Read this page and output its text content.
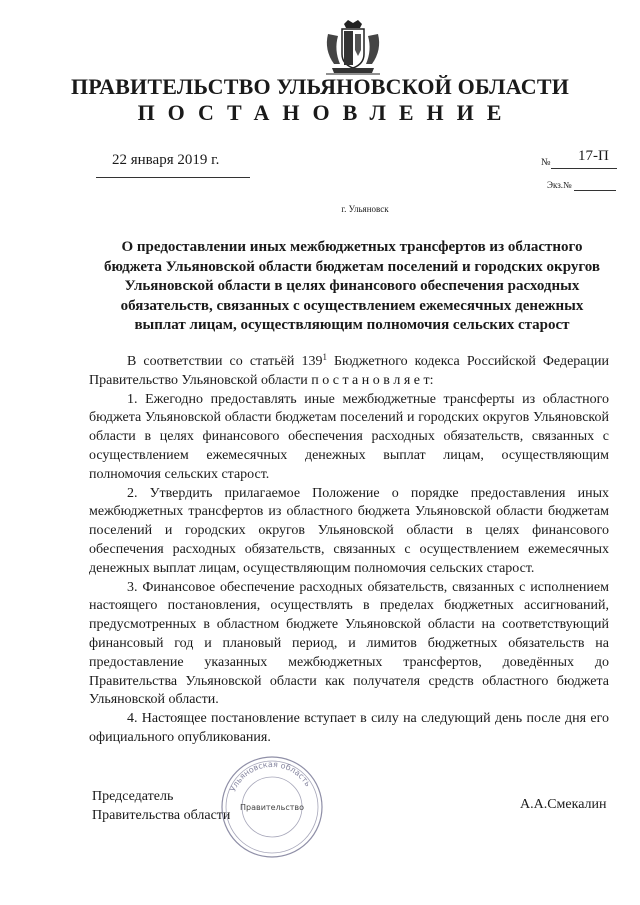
ПРАВИТЕЛЬСТВО УЛЬЯНОВСКОЙ ОБЛАСТИ
ПОСТАНОВЛЕНИЕ
22 января 2019 г.	№ 17-П
Экз.№
г. Ульяновск
О предоставлении иных межбюджетных трансфертов из областного
бюджета Ульяновской области бюджетам поселений и городских округов
Ульяновской области в целях финансового обеспечения расходных
обязательств, связанных с осуществлением ежемесячных денежных
выплат лицам, осуществляющим полномочия сельских старост

В соответствии со статьёй $139^1$ Бюджетного кодекса Российской Федерации Правительство Ульяновской области п о с т а н о в л я е т:

1. Ежегодно предоставлять иные межбюджетные трансферты из областного бюджета Ульяновской области бюджетам поселений и городских округов Ульяновской области в целях финансового обеспечения расходных обязательств, связанных с осуществлением ежемесячных денежных выплат лицам, осуществляющим полномочия сельских старост.

2. Утвердить прилагаемое Положение о порядке предоставления иных межбюджетных трансфертов из областного бюджета Ульяновской области бюджетам поселений и городских округов Ульяновской области в целях финансового обеспечения расходных обязательств, связанных с осуществлением ежемесячных денежных выплат лицам, осуществляющим полномочия сельских старост.

3. Финансовое обеспечение расходных обязательств, связанных с исполнением настоящего постановления, осуществлять в пределах бюджетных ассигнований, предусмотренных в областном бюджете Ульяновской области на соответствующий финансовый год и плановый период, и лимитов бюджетных обязательств на предоставление указанных межбюджетных трансфертов, доведённых до Правительства Ульяновской области как получателя средств областного бюджета Ульяновской области.

4. Настоящее постановление вступает в силу на следующий день после дня его официального опубликования.

Председатель
Правительства области
А.А.Смекалин
Ульяновская область
Правительство
